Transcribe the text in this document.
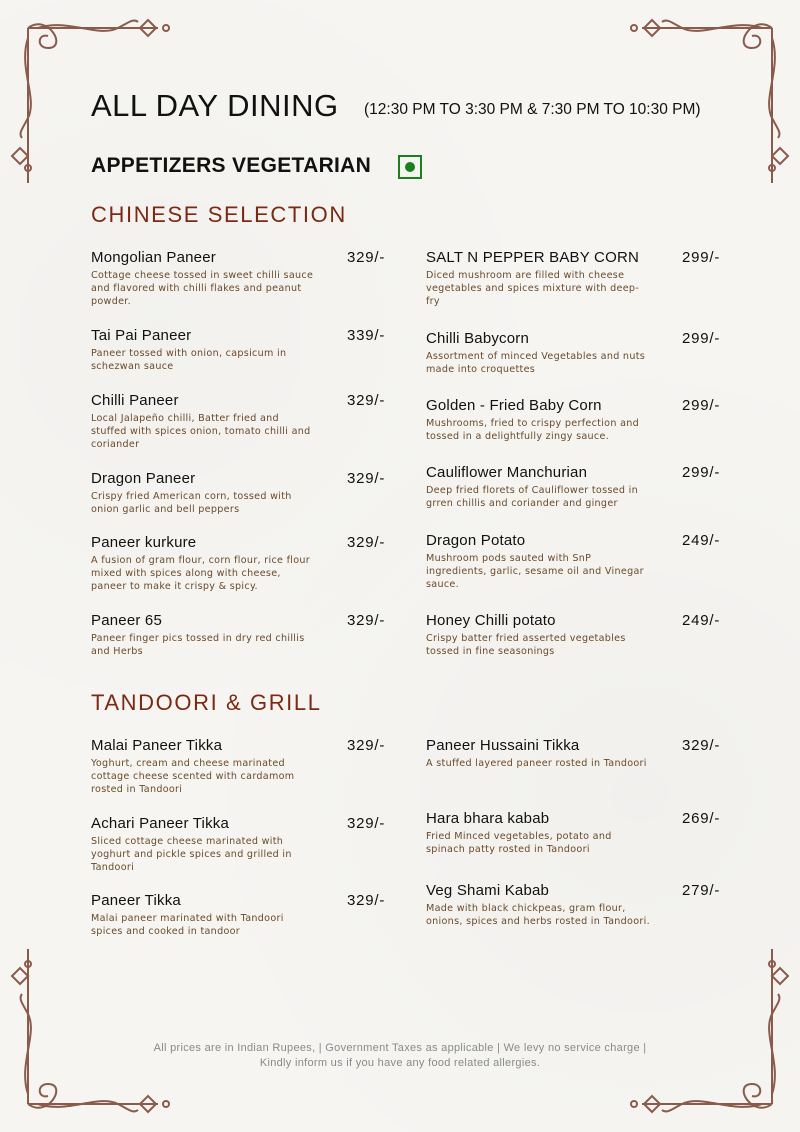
ALL DAY DINING (12:30 PM TO 3:30 PM & 7:30 PM TO 10:30 PM)
APPETIZERS VEGETARIAN
CHINESE SELECTION
Mongolian Paneer
Cottage cheese tossed in sweet chilli sauce and flavored with chilli flakes and peanut powder.
329/-
Tai Pai Paneer
Paneer tossed with onion, capsicum in schezwan sauce
339/-
Chilli Paneer
Local Jalapeño chilli, Batter fried and stuffed with spices onion, tomato chilli and coriander
329/-
Dragon Paneer
Crispy fried American corn, tossed with onion garlic and bell peppers
329/-
Paneer kurkure
A fusion of gram flour, corn flour, rice flour mixed with spices along with cheese, paneer to make it crispy & spicy.
329/-
Paneer 65
Paneer finger pics tossed in dry red chillis and Herbs
329/-
SALT N PEPPER BABY CORN
Diced mushroom are filled with cheese vegetables and spices mixture with deep-fry
299/-
Chilli Babycorn
Assortment of minced Vegetables and nuts made into croquettes
299/-
Golden - Fried Baby Corn
Mushrooms, fried to crispy perfection and tossed in a delightfully zingy sauce.
299/-
Cauliflower Manchurian
Deep fried florets of Cauliflower tossed in grren chillis and coriander and ginger
299/-
Dragon Potato
Mushroom pods sauted with SnP ingredients, garlic, sesame oil and Vinegar sauce.
249/-
Honey Chilli potato
Crispy batter fried asserted vegetables tossed in fine seasonings
249/-
TANDOORI & GRILL
Malai Paneer Tikka
Yoghurt, cream and cheese marinated cottage cheese scented with cardamom rosted in Tandoori
329/-
Achari Paneer Tikka
Sliced cottage cheese marinated with yoghurt and pickle spices and grilled in Tandoori
329/-
Paneer Tikka
Malai paneer marinated with Tandoori spices and cooked in tandoor
329/-
Paneer Hussaini Tikka
A stuffed layered paneer rosted in Tandoori
329/-
Hara bhara kabab
Fried Minced vegetables, potato and spinach patty rosted in Tandoori
269/-
Veg Shami Kabab
Made with black chickpeas, gram flour, onions, spices and herbs rosted in Tandoori.
279/-
All prices are in Indian Rupees, | Government Taxes as applicable | We levy no service charge |
Kindly inform us if you have any food related allergies.
